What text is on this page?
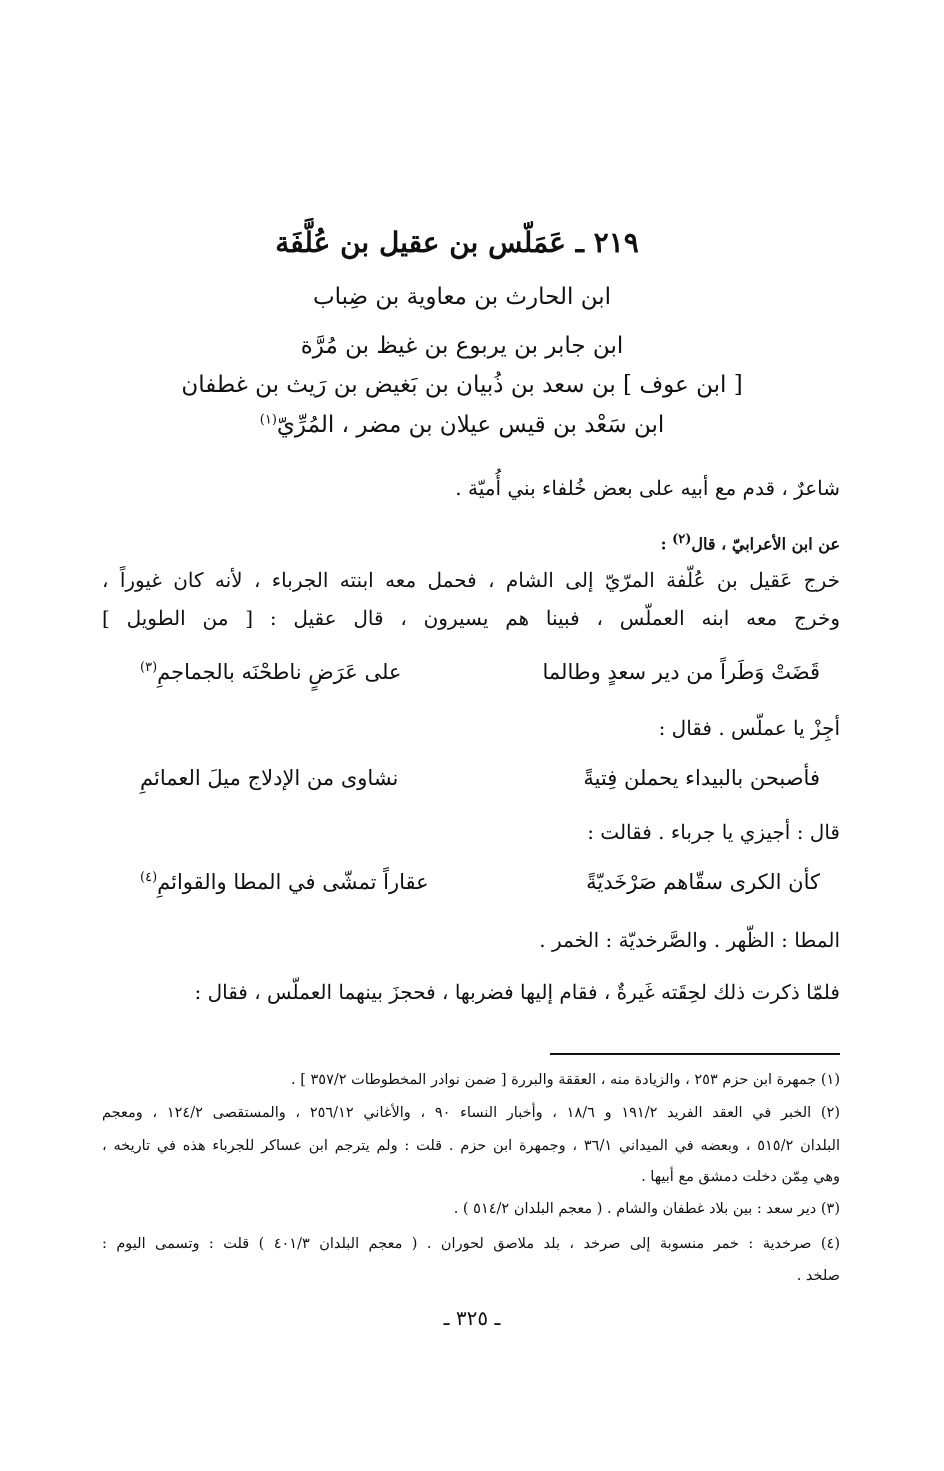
٢١٩ ـ عَمَلّس بن عقيل بن عُلَّفَة
ابن الحارث بن معاوية بن ضِباب
ابن جابر بن يربوع بن غيظ بن مُرَّة
[ ابن عوف ] بن سعد بن ذُبيان بن بَغيض بن رَيث بن غطفان
ابن سَعْد بن قيس عيلان بن مضر ، المُرِّيّ$^{(١)}$
شاعرٌ ، قدم مع أبيه على بعض خُلفاء بني أُميّة .
عن ابن الأعرابيّ ، قال$^{(٢)}$ :
خرج عَقيل بن عُلّفة المرّيّ إلى الشام ، فحمل معه ابنته الجرباء ، لأنه كان غيوراً ،
وخرج معه ابنه العملّس ، فبينا هم يسيرون ، قال عقيل : [ من الطويل ]
قَضَتْ وَطَراً من دير سعدٍ وطالما
على عَرَضٍ ناطحْنَه بالجماجمِ$^{(٣)}$
أجِزْ يا عملّس . فقال :
فأصبحن بالبيداء يحملن فِتيةً
نشاوى من الإدلاج ميلَ العمائمِ
قال : أجيزي يا جرباء . فقالت :
كأن الكرى سقّاهم صَرْخَديّةً
عقاراً تمشّى في المطا والقوائمِ$^{(٤)}$
المطا : الظّهر . والصَّرخديّة : الخمر .
فلمّا ذكرت ذلك لحِقَته غَيرةٌ ، فقام إليها فضربها ، فحجزَ بينهما العملّس ، فقال :
(١) جمهرة ابن حزم ٢٥٣ ، والزيادة منه ، العققة والبررة [ ضمن نوادر المخطوطات ٣٥٧/٢ ] .
(٢) الخبر في العقد الفريد ١٩١/٢ و ١٨/٦ ، وأخبار النساء ٩٠ ، والأغاني ٢٥٦/١٢ ، والمستقصى ١٢٤/٢ ، ومعجم
البلدان ٥١٥/٢ ، وبعضه في الميداني ٣٦/١ ، وجمهرة ابن حزم . قلت : ولم يترجم ابن عساكر للجرباء هذه في تاريخه ،
وهي مِمّن دخلت دمشق مع أبيها .
(٣) دير سعد : بين بلاد غطفان والشام . ( معجم البلدان ٥١٤/٢ ) .
(٤) صرخدية : خمر منسوبة إلى صرخد ، بلد ملاصق لحوران . ( معجم البلدان ٤٠١/٣ ) قلت : وتسمى اليوم :
صلخد .
ـ ٣٢٥ ـ
